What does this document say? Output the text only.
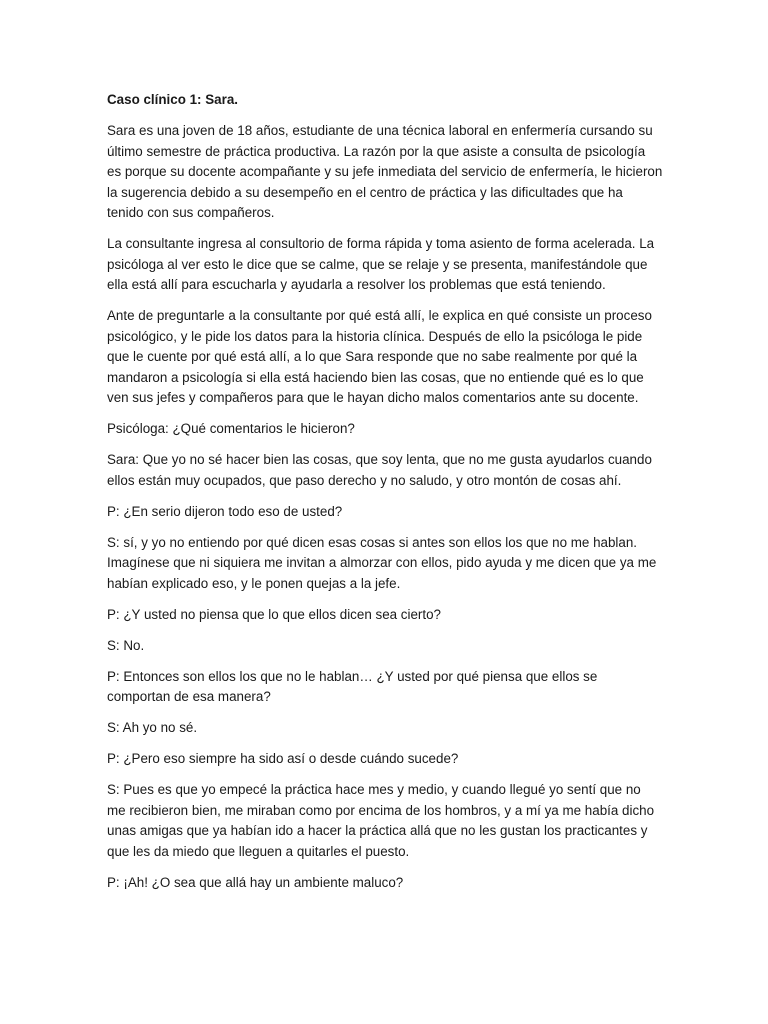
Caso clínico 1: Sara.

Sara es una joven de 18 años, estudiante de una técnica laboral en enfermería cursando su último semestre de práctica productiva. La razón por la que asiste a consulta de psicología es porque su docente acompañante y su jefe inmediata del servicio de enfermería, le hicieron la sugerencia debido a su desempeño en el centro de práctica y las dificultades que ha tenido con sus compañeros.

La consultante ingresa al consultorio de forma rápida y toma asiento de forma acelerada. La psicóloga al ver esto le dice que se calme, que se relaje y se presenta, manifestándole que ella está allí para escucharla y ayudarla a resolver los problemas que está teniendo.

Ante de preguntarle a la consultante por qué está allí, le explica en qué consiste un proceso psicológico, y le pide los datos para la historia clínica. Después de ello la psicóloga le pide que le cuente por qué está allí, a lo que Sara responde que no sabe realmente por qué la mandaron a psicología si ella está haciendo bien las cosas, que no entiende qué es lo que ven sus jefes y compañeros para que le hayan dicho malos comentarios ante su docente.

Psicóloga: ¿Qué comentarios le hicieron?

Sara: Que yo no sé hacer bien las cosas, que soy lenta, que no me gusta ayudarlos cuando ellos están muy ocupados, que paso derecho y no saludo, y otro montón de cosas ahí.

P: ¿En serio dijeron todo eso de usted?

S: sí, y yo no entiendo por qué dicen esas cosas si antes son ellos los que no me hablan. Imagínese que ni siquiera me invitan a almorzar con ellos, pido ayuda y me dicen que ya me habían explicado eso, y le ponen quejas a la jefe.

P: ¿Y usted no piensa que lo que ellos dicen sea cierto?

S: No.

P: Entonces son ellos los que no le hablan… ¿Y usted por qué piensa que ellos se comportan de esa manera?

S: Ah yo no sé.

P: ¿Pero eso siempre ha sido así o desde cuándo sucede?

S: Pues es que yo empecé la práctica hace mes y medio, y cuando llegué yo sentí que no me recibieron bien, me miraban como por encima de los hombros, y a mí ya me había dicho unas amigas que ya habían ido a hacer la práctica allá que no les gustan los practicantes y que les da miedo que lleguen a quitarles el puesto.

P: ¡Ah! ¿O sea que allá hay un ambiente maluco?
